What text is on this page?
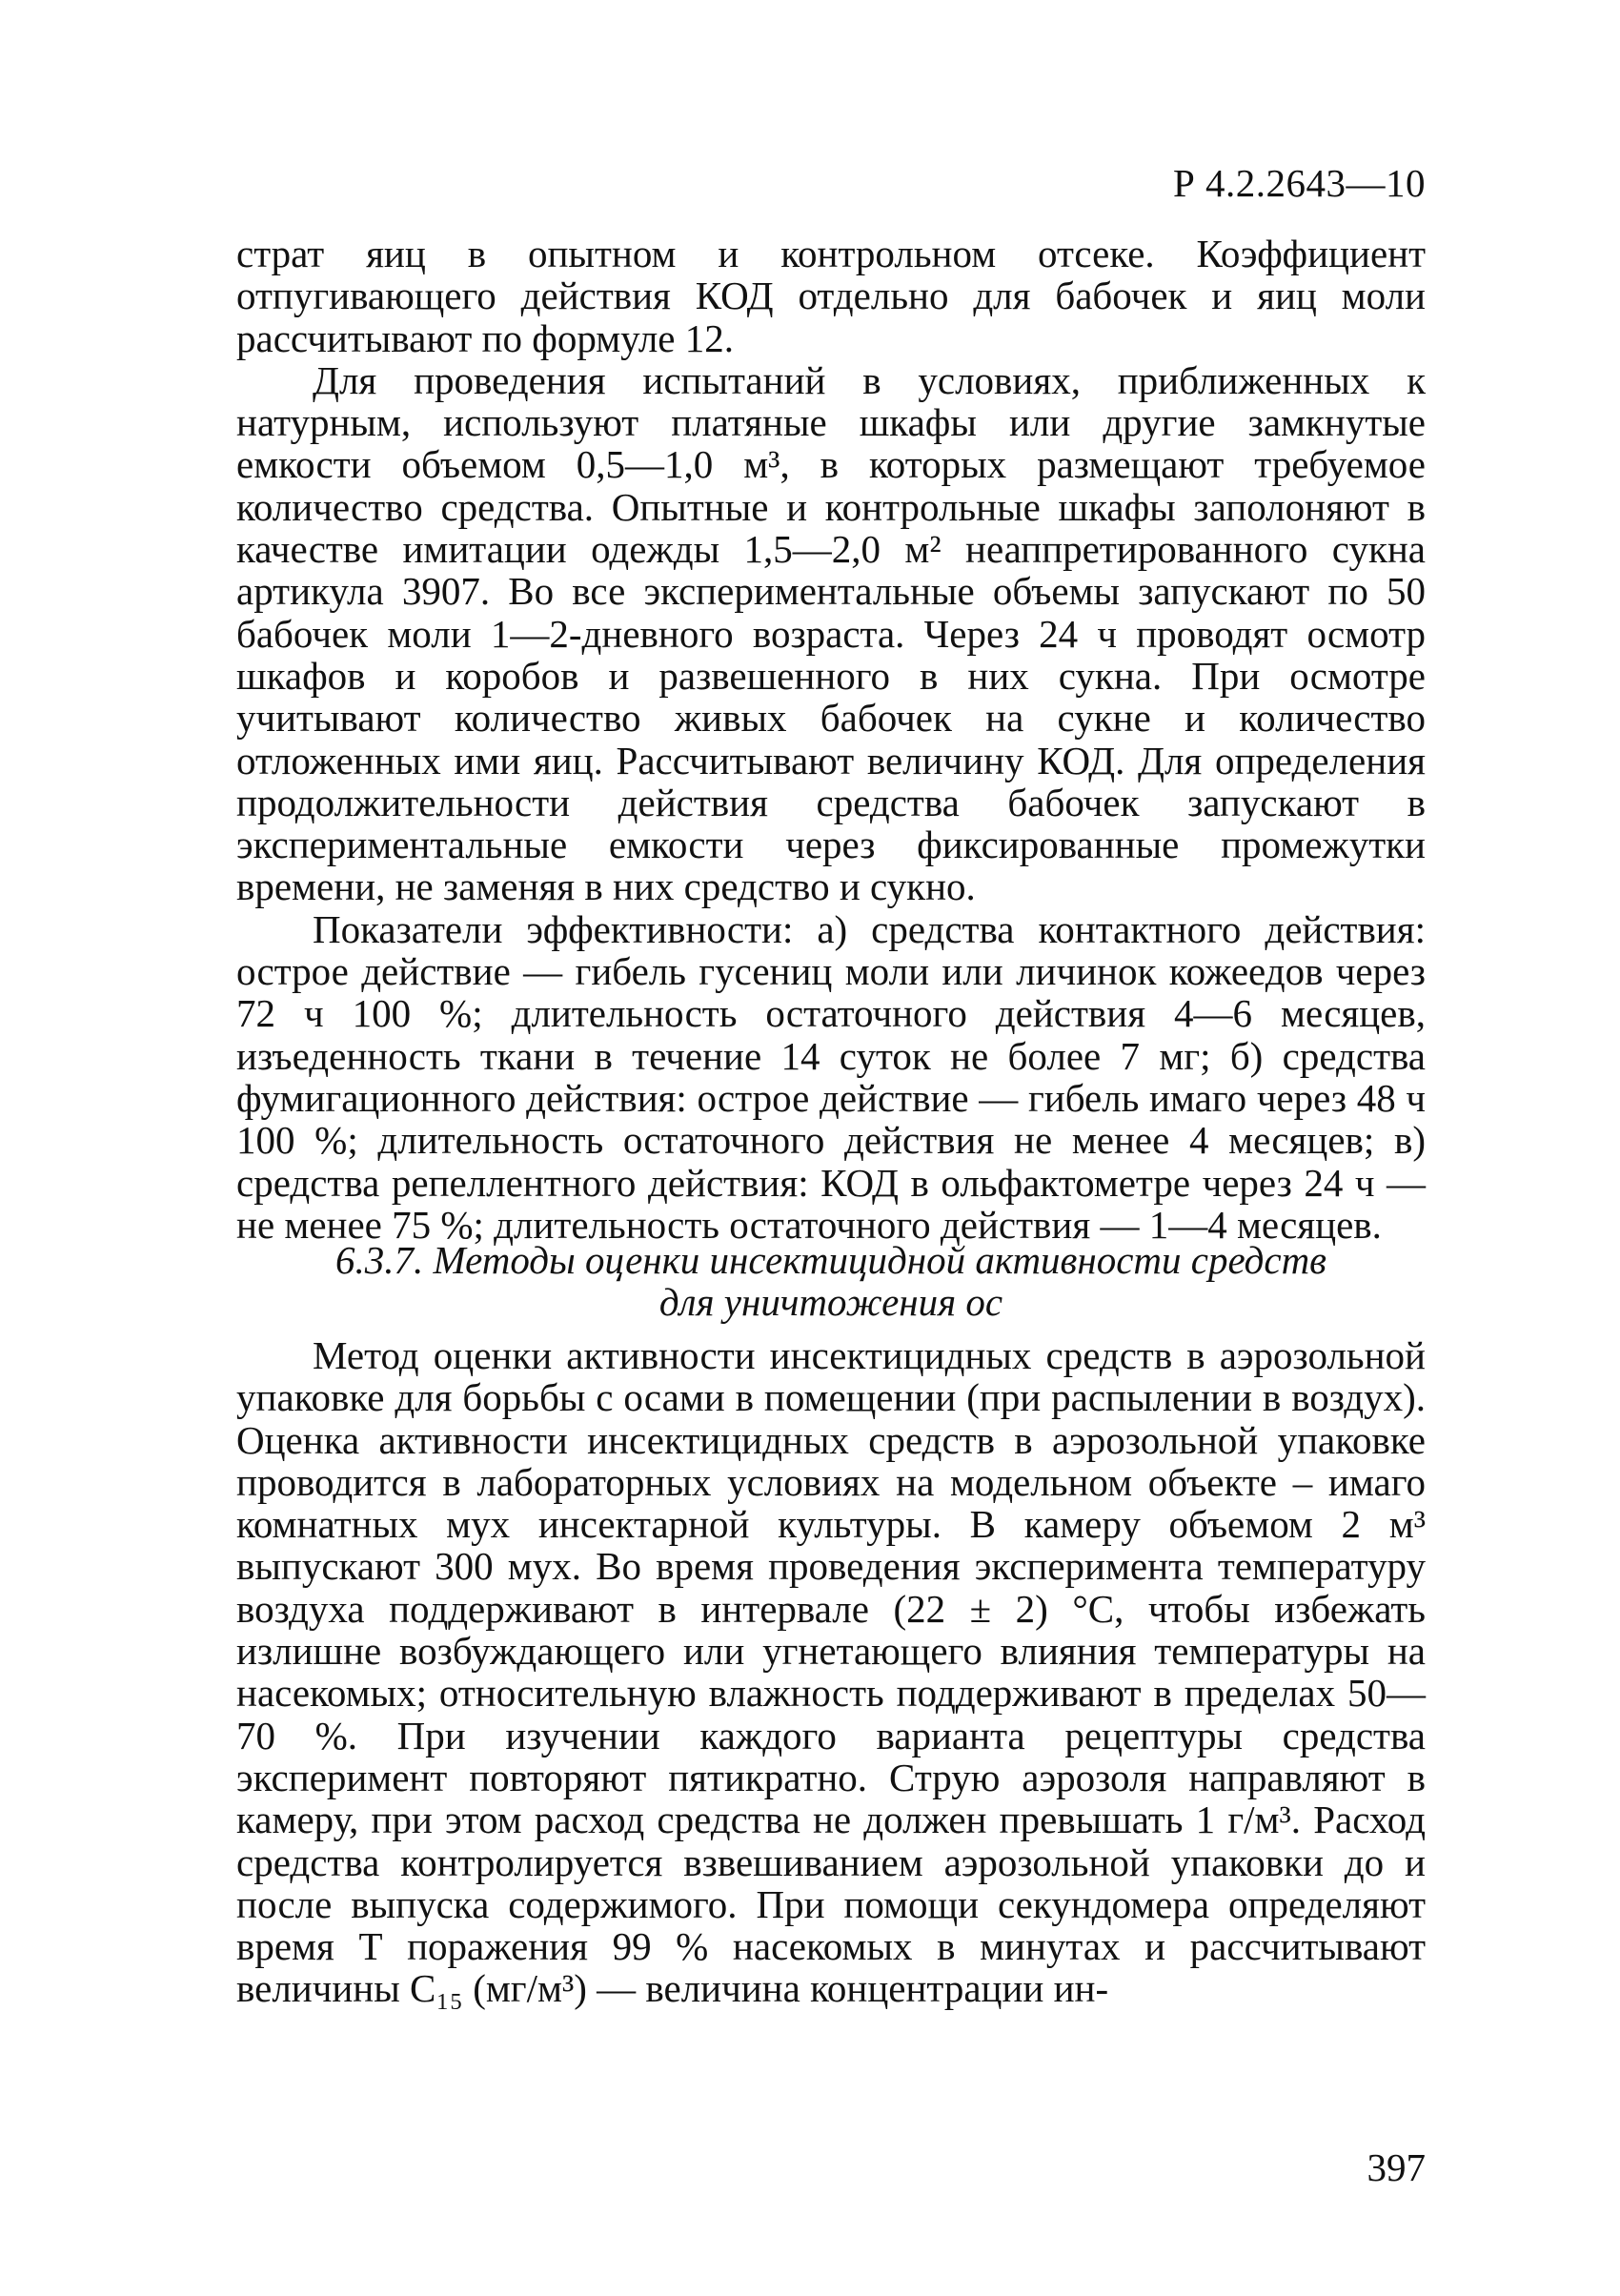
Р 4.2.2643—10

страт яиц в опытном и контрольном отсеке. Коэффициент отпугивающего действия КОД отдельно для бабочек и яиц моли рассчитывают по формуле 12.

Для проведения испытаний в условиях, приближенных к натурным, используют платяные шкафы или другие замкнутые емкости объемом 0,5—1,0 м³, в которых размещают требуемое количество средства. Опытные и контрольные шкафы заполоняют в качестве имитации одежды 1,5—2,0 м² неаппретированного сукна артикула 3907. Во все экспериментальные объемы запускают по 50 бабочек моли 1—2-дневного возраста. Через 24 ч проводят осмотр шкафов и коробов и развешенного в них сукна. При осмотре учитывают количество живых бабочек на сукне и количество отложенных ими яиц. Рассчитывают величину КОД. Для определения продолжительности действия средства бабочек запускают в экспериментальные емкости через фиксированные промежутки времени, не заменяя в них средство и сукно.

Показатели эффективности: а) средства контактного действия: острое действие — гибель гусениц моли или личинок кожеедов через 72 ч 100 %; длительность остаточного действия 4—6 месяцев, изъеденность ткани в течение 14 суток не более 7 мг; б) средства фумигационного действия: острое действие — гибель имаго через 48 ч 100 %; длительность остаточного действия не менее 4 месяцев; в) средства репеллентного действия: КОД в ольфактометре через 24 ч — не менее 75 %; длительность остаточного действия — 1—4 месяцев.

6.3.7. Методы оценки инсектицидной активности средств
для уничтожения ос

Метод оценки активности инсектицидных средств в аэрозольной упаковке для борьбы с осами в помещении (при распылении в воздух). Оценка активности инсектицидных средств в аэрозольной упаковке проводится в лабораторных условиях на модельном объекте – имаго комнатных мух инсектарной культуры. В камеру объемом 2 м³ выпускают 300 мух. Во время проведения эксперимента температуру воздуха поддерживают в интервале (22 ± 2) °С, чтобы избежать излишне возбуждающего или угнетающего влияния температуры на насекомых; относительную влажность поддерживают в пределах 50—70 %. При изучении каждого варианта рецептуры средства эксперимент повторяют пятикратно. Струю аэрозоля направляют в камеру, при этом расход средства не должен превышать 1 г/м³. Расход средства контролируется взвешиванием аэрозольной упаковки до и после выпуска содержимого. При помощи секундомера определяют время Т поражения 99 % насекомых в минутах и рассчитывают величины C₁₅ (мг/м³) — величина концентрации ин-

397
